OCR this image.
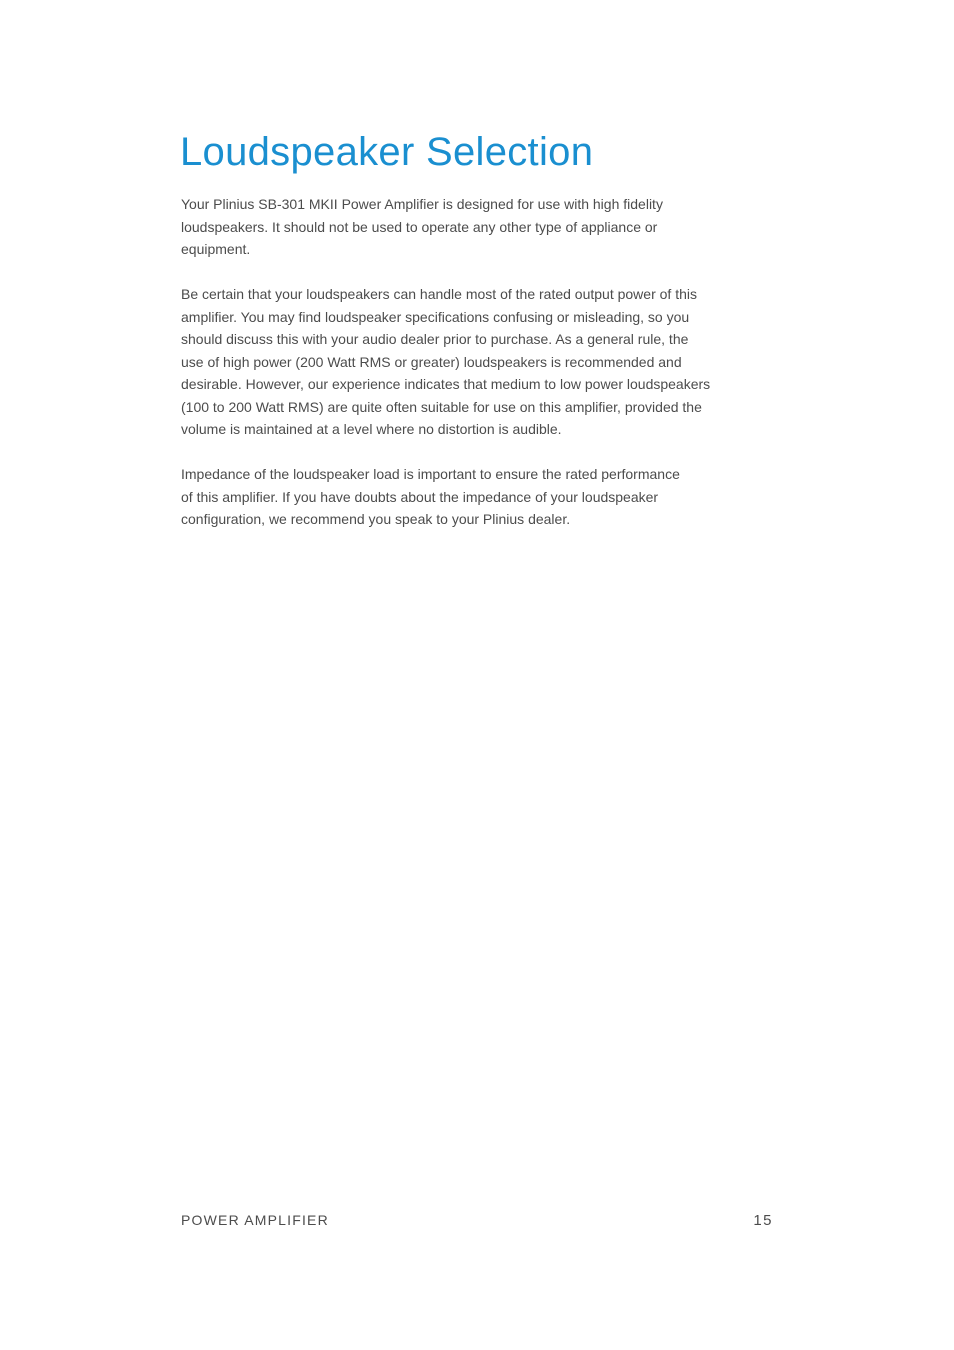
Loudspeaker Selection

Your Plinius SB-301 MKII Power Amplifier is designed for use with high fidelity
loudspeakers. It should not be used to operate any other type of appliance or
equipment.

Be certain that your loudspeakers can handle most of the rated output power of this
amplifier. You may find loudspeaker specifications confusing or misleading, so you
should discuss this with your audio dealer prior to purchase. As a general rule, the
use of high power (200 Watt RMS or greater) loudspeakers is recommended and
desirable. However, our experience indicates that medium to low power loudspeakers
(100 to 200 Watt RMS) are quite often suitable for use on this amplifier, provided the
volume is maintained at a level where no distortion is audible.

Impedance of the loudspeaker load is important to ensure the rated performance
of this amplifier. If you have doubts about the impedance of your loudspeaker
configuration, we recommend you speak to your Plinius dealer.

POWER AMPLIFIER	15
